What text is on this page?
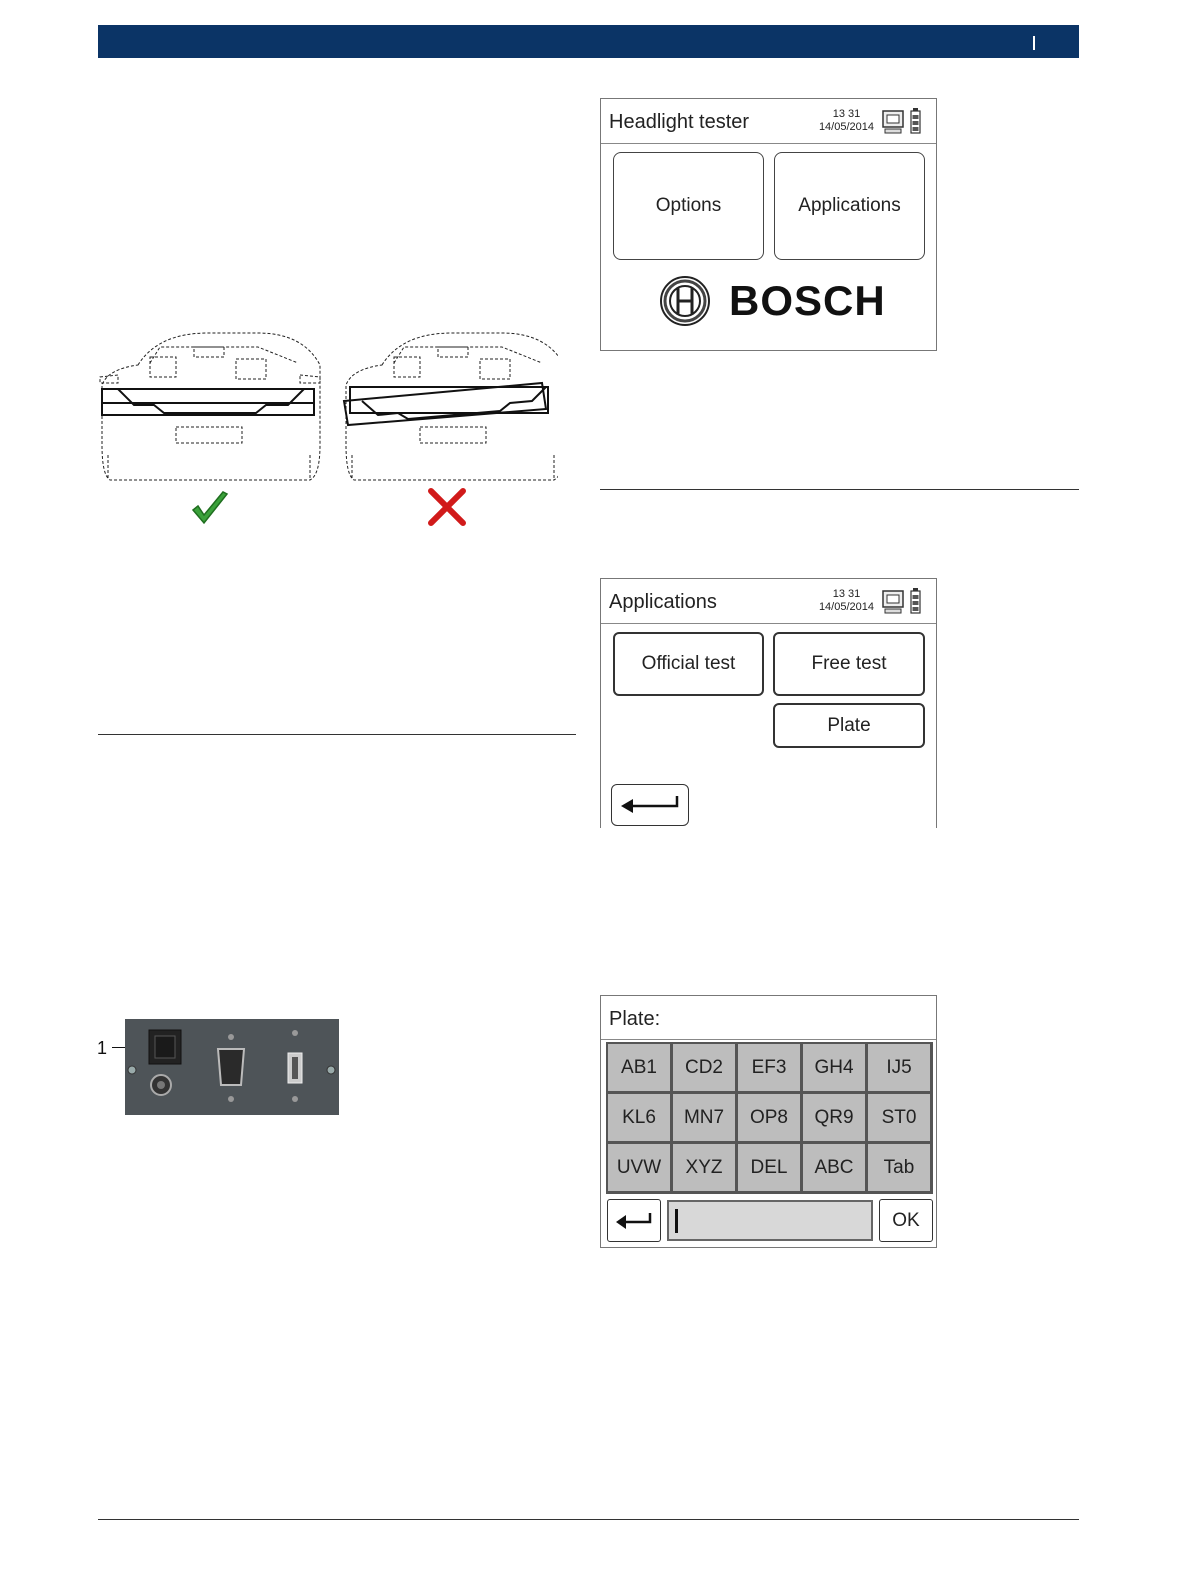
Headlight tester	13 31
14/05/2014
Options	Applications
BOSCH
Applications	13 31
14/05/2014
Official test	Free test
Plate
1
Plate:
AB1	CD2	EF3	GH4	IJ5
KL6	MN7	OP8	QR9	ST0
UVW	XYZ	DEL	ABC	Tab
OK
